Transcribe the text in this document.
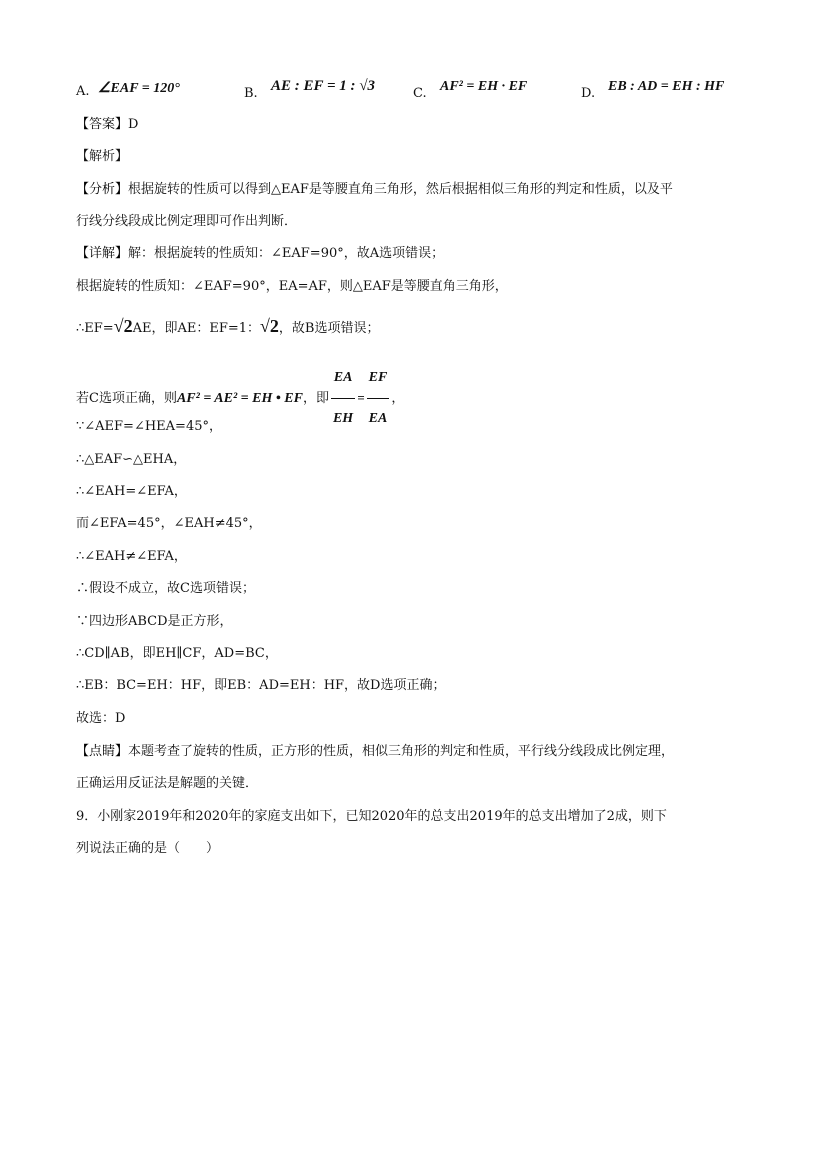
A. ∠EAF = 120°	B. AE : EF = 1 : √3	C. AF² = EH · EF	D. EB : AD = EH : HF
【答案】D
【解析】
【分析】根据旋转的性质可以得到△EAF是等腰直角三角形，然后根据相似三角形的判定和性质，以及平
行线分线段成比例定理即可作出判断．
【详解】解：根据旋转的性质知：∠EAF=90°，故A选项错误；
根据旋转的性质知：∠EAF=90°，EA=AF，则△EAF是等腰直角三角形，
∴EF=√2AE，即AE：EF=1：√2，故B选项错误；
若C选项正确，则AF² = AE² = EH • EF，即 $\frac{EA}{EH} = \frac{EF}{EA}$ ，
∵∠AEF=∠HEA=45°，
∴△EAF∽△EHA，
∴∠EAH=∠EFA，
而∠EFA=45°，∠EAH≠45°，
∴∠EAH≠∠EFA，
∴假设不成立，故C选项错误；
∵四边形ABCD是正方形，
∴CD∥AB，即EH∥CF，AD=BC，
∴EB：BC=EH：HF，即EB：AD=EH：HF，故D选项正确；
故选：D
【点睛】本题考查了旋转的性质，正方形的性质，相似三角形的判定和性质，平行线分线段成比例定理，
正确运用反证法是解题的关键．
9．小刚家2019年和2020年的家庭支出如下，已知2020年的总支出2019年的总支出增加了2成，则下
列说法正确的是（　　）
